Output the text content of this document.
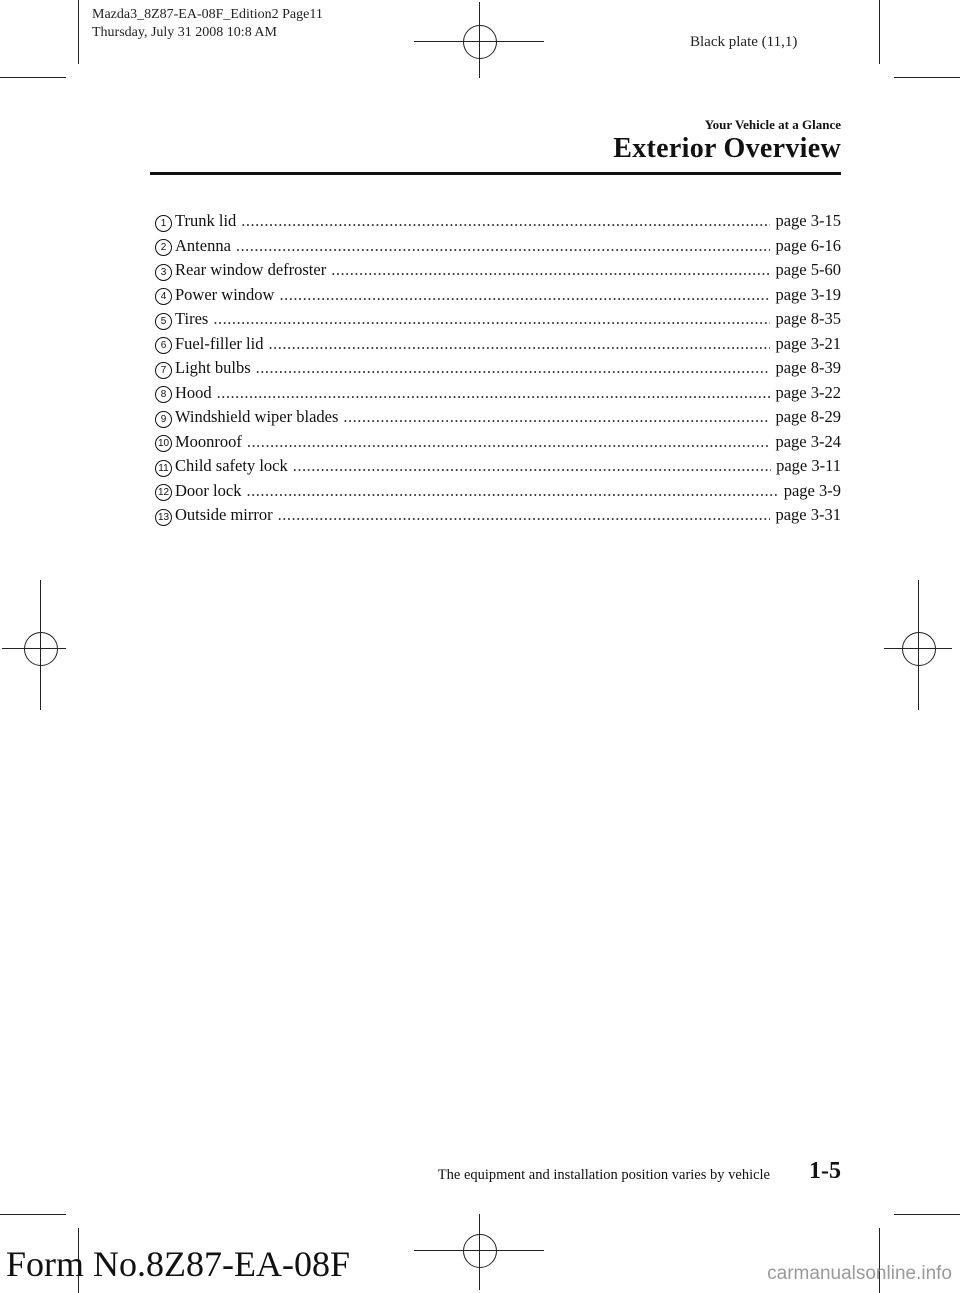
Mazda3_8Z87-EA-08F_Edition2 Page11
Thursday, July 31 2008 10:8 AM
Black plate (11,1)
Your Vehicle at a Glance
Exterior Overview
1 Trunk lid .....	page 3-15
2 Antenna .....	page 6-16
3 Rear window defroster .....	page 5-60
4 Power window .....	page 3-19
5 Tires .....	page 8-35
6 Fuel-filler lid .....	page 3-21
7 Light bulbs .....	page 8-39
8 Hood .....	page 3-22
9 Windshield wiper blades .....	page 8-29
10 Moonroof .....	page 3-24
11 Child safety lock .....	page 3-11
12 Door lock .....	page 3-9
13 Outside mirror .....	page 3-31
The equipment and installation position varies by vehicle 1-5
Form No.8Z87-EA-08F	carmanualsonline.info
